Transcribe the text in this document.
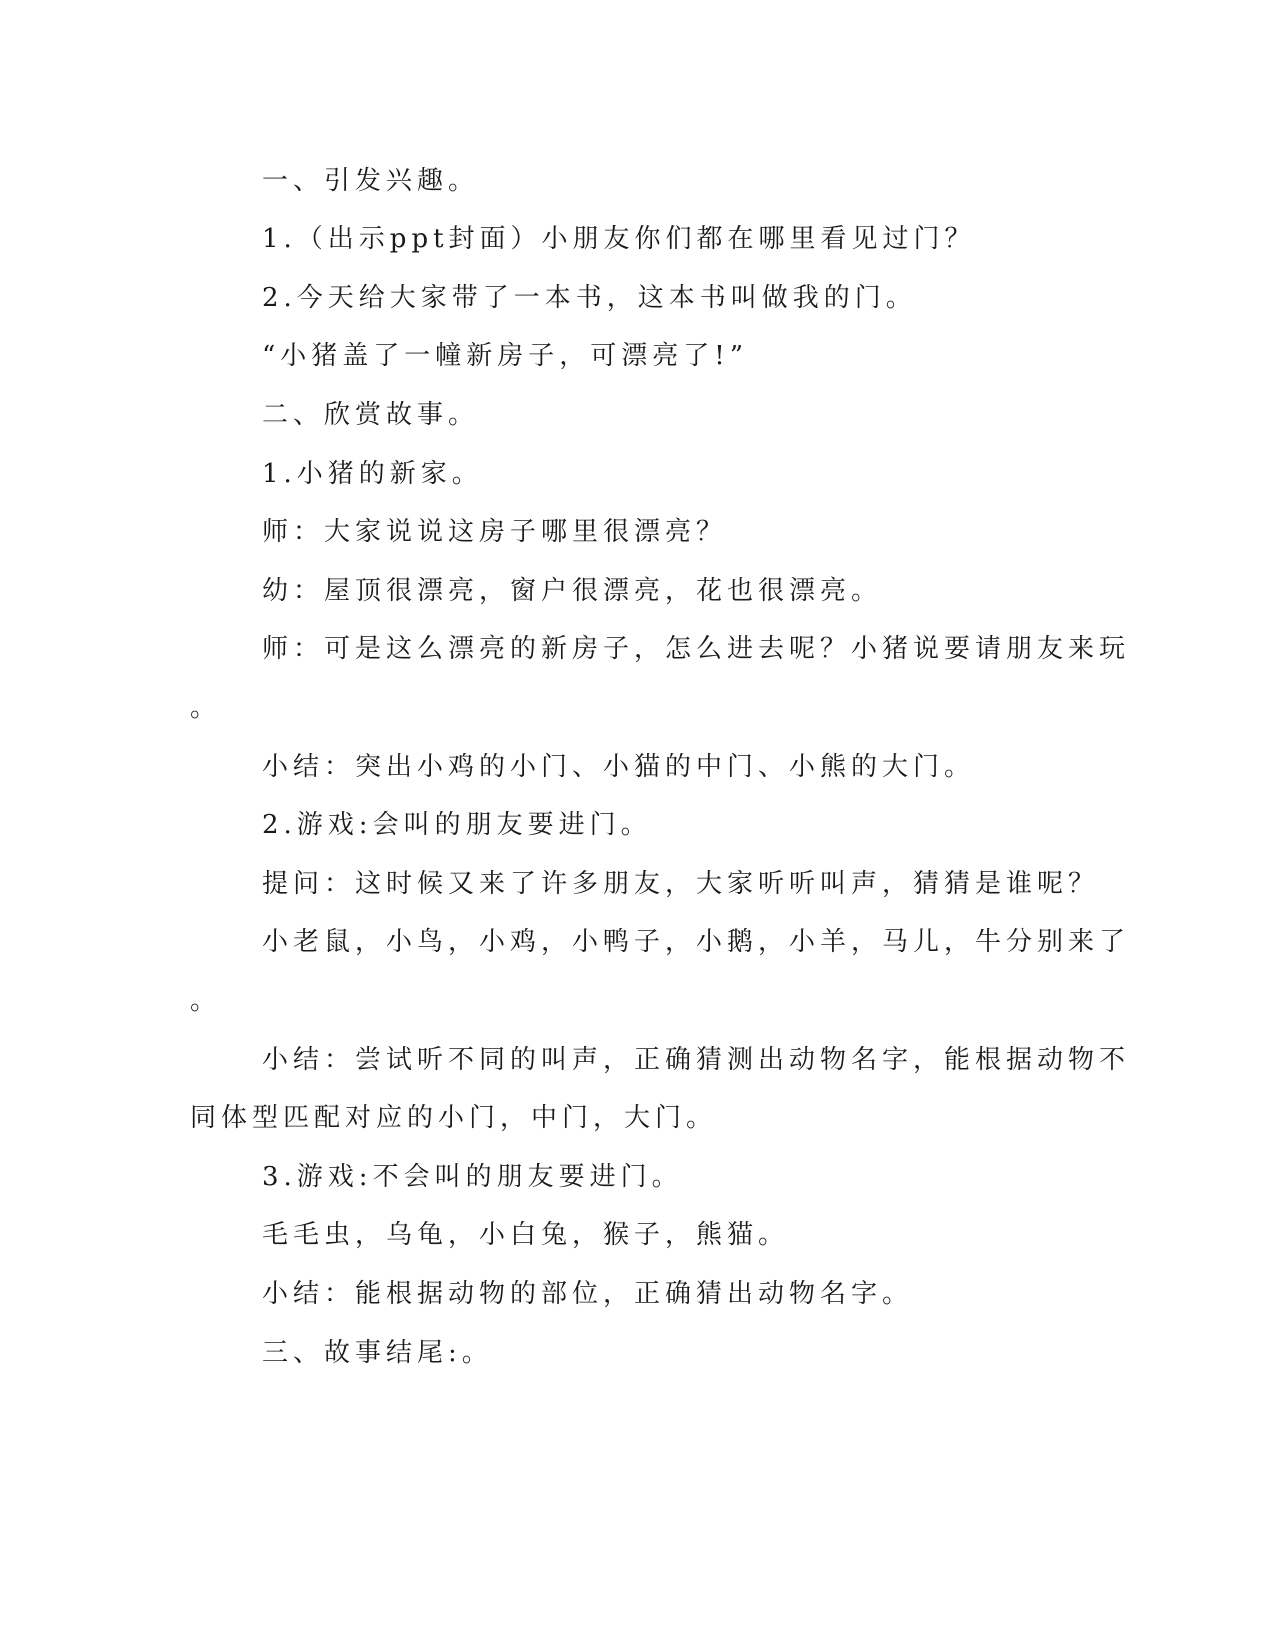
一、引发兴趣。

1.（出示ppt封面）小朋友你们都在哪里看见过门？

2.今天给大家带了一本书，这本书叫做我的门。

“小猪盖了一幢新房子，可漂亮了!”

二、欣赏故事。

1.小猪的新家。

师：大家说说这房子哪里很漂亮？

幼：屋顶很漂亮，窗户很漂亮，花也很漂亮。

师：可是这么漂亮的新房子，怎么进去呢？小猪说要请朋友来玩

。

小结：突出小鸡的小门、小猫的中门、小熊的大门。

2.游戏:会叫的朋友要进门。

提问：这时候又来了许多朋友，大家听听叫声，猜猜是谁呢？

小老鼠，小鸟，小鸡，小鸭子，小鹅，小羊，马儿，牛分别来了

。

小结：尝试听不同的叫声，正确猜测出动物名字，能根据动物不

同体型匹配对应的小门，中门，大门。

3.游戏:不会叫的朋友要进门。

毛毛虫，乌龟，小白兔，猴子，熊猫。

小结：能根据动物的部位，正确猜出动物名字。

三、故事结尾:。
